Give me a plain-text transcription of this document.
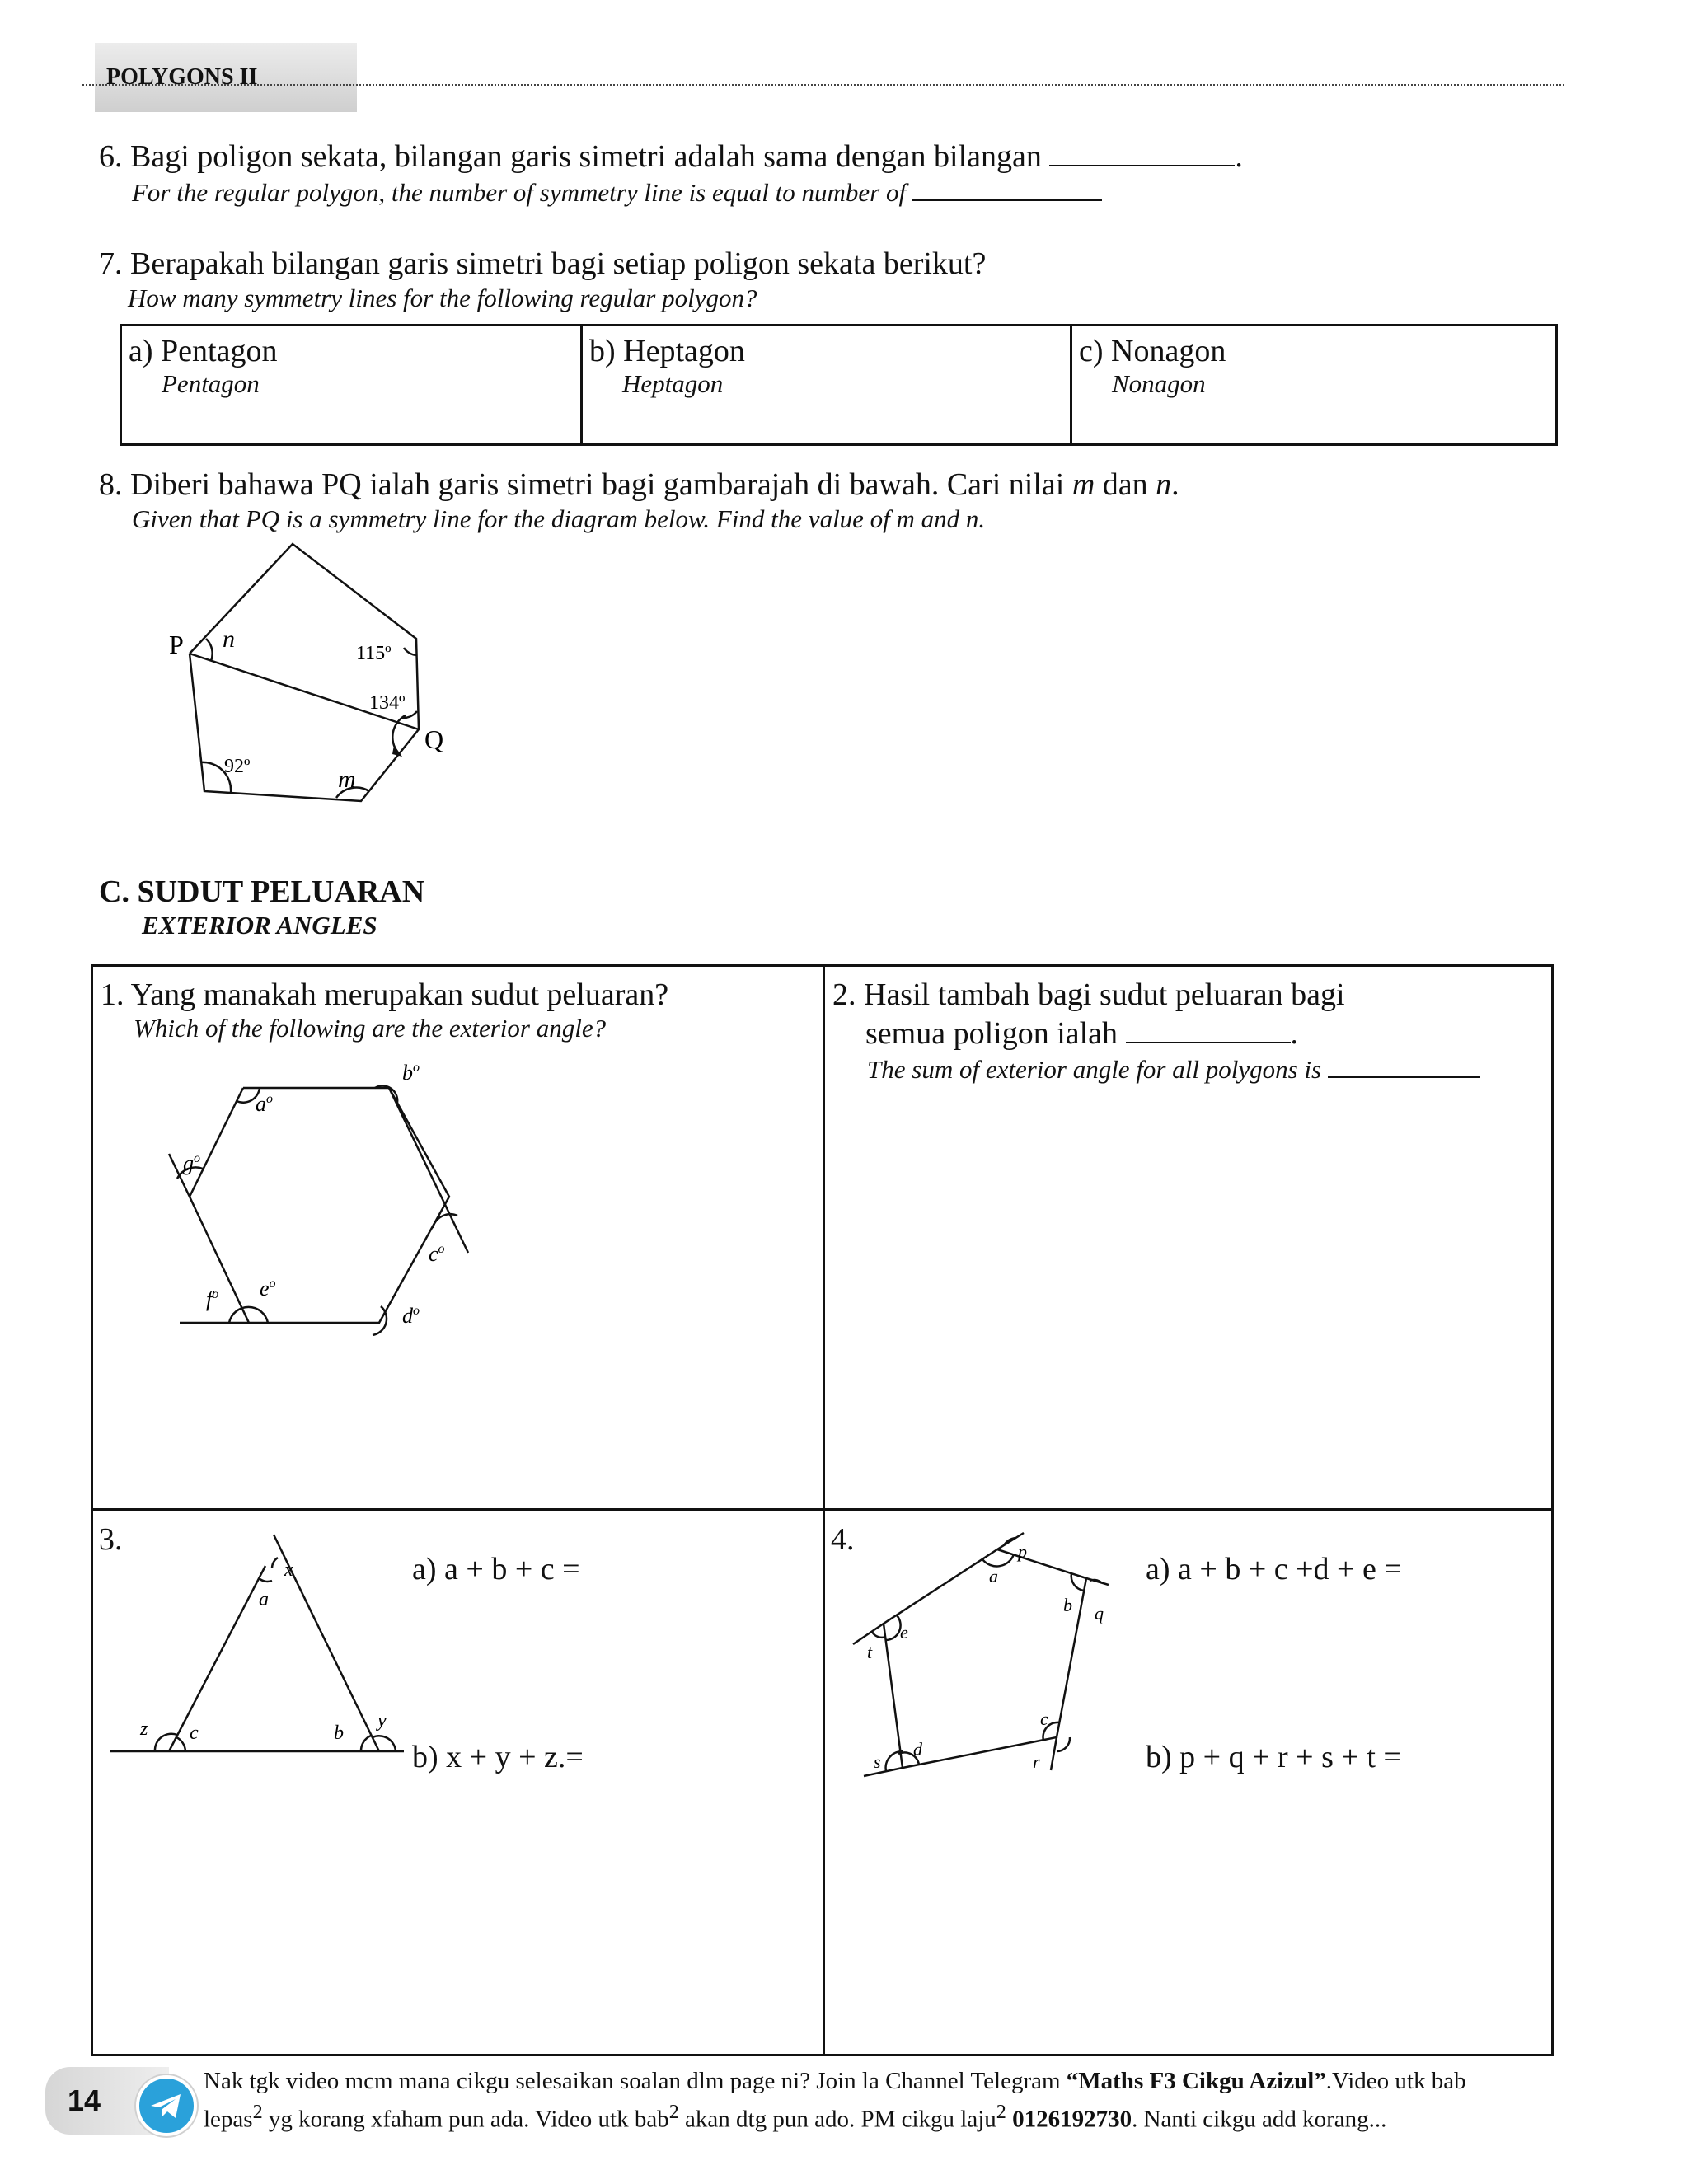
POLYGONS II
6. Bagi poligon sekata, bilangan garis simetri adalah sama dengan bilangan	.
For the regular polygon, the number of symmetry line is equal to number of
7. Berapakah bilangan garis simetri bagi setiap poligon sekata berikut?
How many symmetry lines for the following regular polygon?
a) Pentagon
Pentagon

b) Heptagon
Heptagon

c) Nonagon
Nonagon
8. Diberi bahawa PQ ialah garis simetri bagi gambarajah di bawah. Cari nilai m dan n.
Given that PQ is a symmetry line for the diagram below. Find the value of m and n.
P n
115º
134º
Q
92º	m
C. SUDUT PELUARAN
EXTERIOR ANGLES
1. Yang manakah merupakan sudut peluaran?
Which of the following are the exterior angle?
$a^o$
$b^o$
$g^o$
$c^o$
$e^o$
$f^o$
$d^o$
2. Hasil tambah bagi sudut peluaran bagi
semua poligon ialah	.
The sum of exterior angle for all polygons is
3.
x
a
z c	b
y
a) a + b + c =
b) x + y + z.=
4.	p
a
b q
e
t
c
r
d
s
a) a + b + c +d + e =
b) p + q + r + s + t =
14
Nak tgk video mcm mana cikgu selesaikan soalan dlm page ni? Join la Channel Telegram “Maths F3 Cikgu Azizul”.Video utk bab
lepas$^2$ yg korang xfaham pun ada. Video utk bab$^2$ akan dtg pun ado. PM cikgu laju$^2$ 0126192730. Nanti cikgu add korang...
